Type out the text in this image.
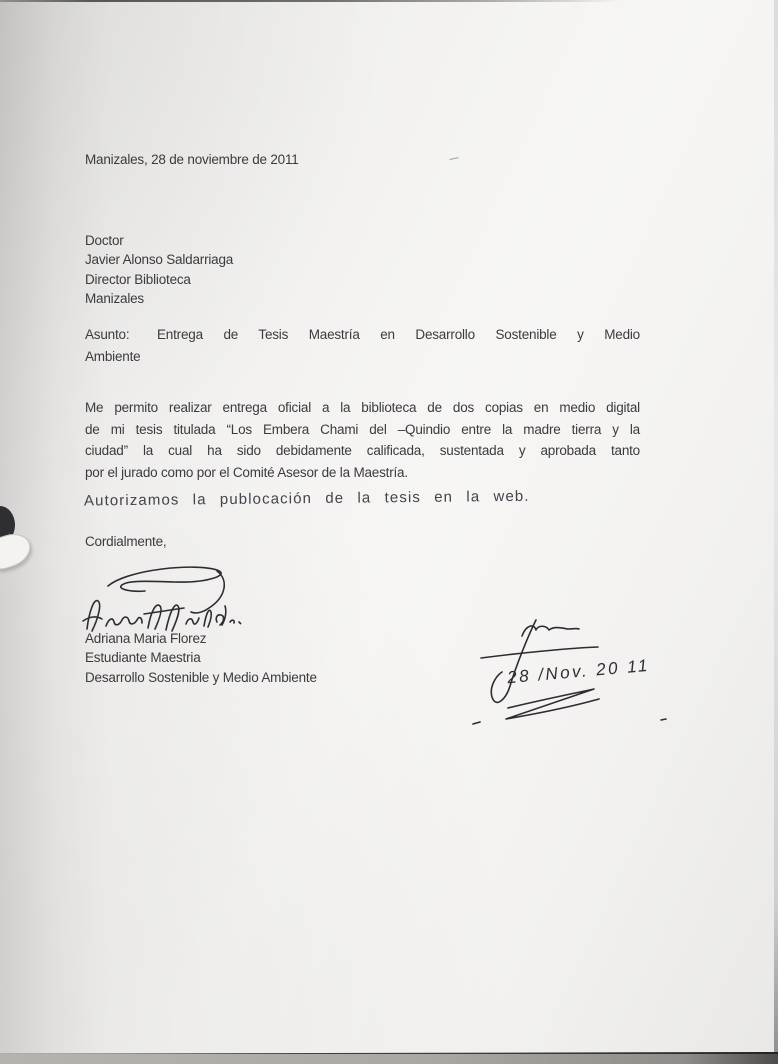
Manizales, 28 de noviembre de 2011
Doctor
Javier Alonso Saldarriaga
Director Biblioteca
Manizales
Asunto:	Entrega de Tesis Maestría en Desarrollo Sostenible y Medio
Ambiente
Me permito realizar entrega oficial a la biblioteca de dos copias en medio digital
de mi tesis titulada “Los Embera Chami del –Quindio entre la madre tierra y la
ciudad” la cual ha sido debidamente calificada, sustentada y aprobada tanto
por el jurado como por el Comité Asesor de la Maestría.
Autorizamos la publocación de la tesis en la web.
Cordialmente,
Adriana Maria Florez
Estudiante Maestria
Desarrollo Sostenible y Medio Ambiente	28 /Nov. 20 11
